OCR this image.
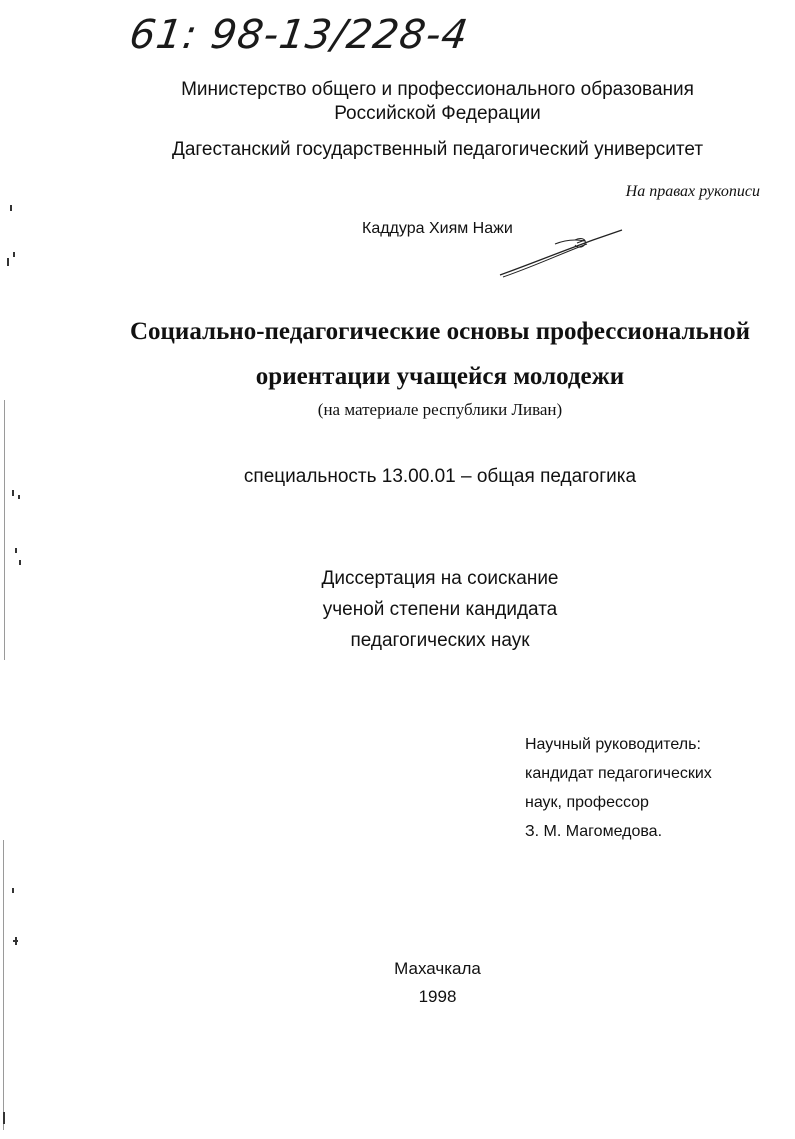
61: 98-13/228-4
Министерство общего и профессионального образования
Российской Федерации
Дагестанский государственный педагогический университет
На правах рукописи
Каддура Хиям Нажи
Социально-педагогические основы профессиональной
ориентации учащейся молодежи
(на материале республики Ливан)
специальность 13.00.01 – общая педагогика
Диссертация на соискание
ученой степени кандидата
педагогических наук
Научный руководитель:
кандидат педагогических
наук, профессор
З. М. Магомедова.
Махачкала
1998
